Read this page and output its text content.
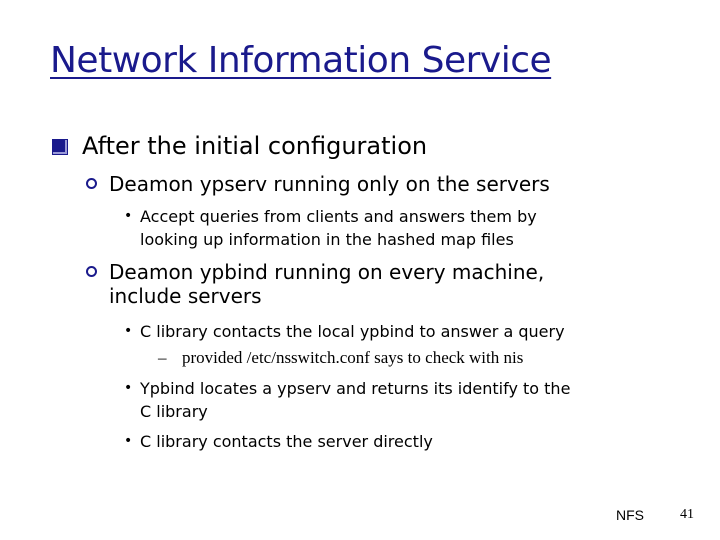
Network Information Service
After the initial configuration
Deamon ypserv running only on the servers
• Accept queries from clients and answers them by
looking up information in the hashed map files
Deamon ypbind running on every machine,
include servers
• C library contacts the local ypbind to answer a query
– provided /etc/nsswitch.conf says to check with nis
• Ypbind locates a ypserv and returns its identify to the
C library
• C library contacts the server directly
NFS	41
